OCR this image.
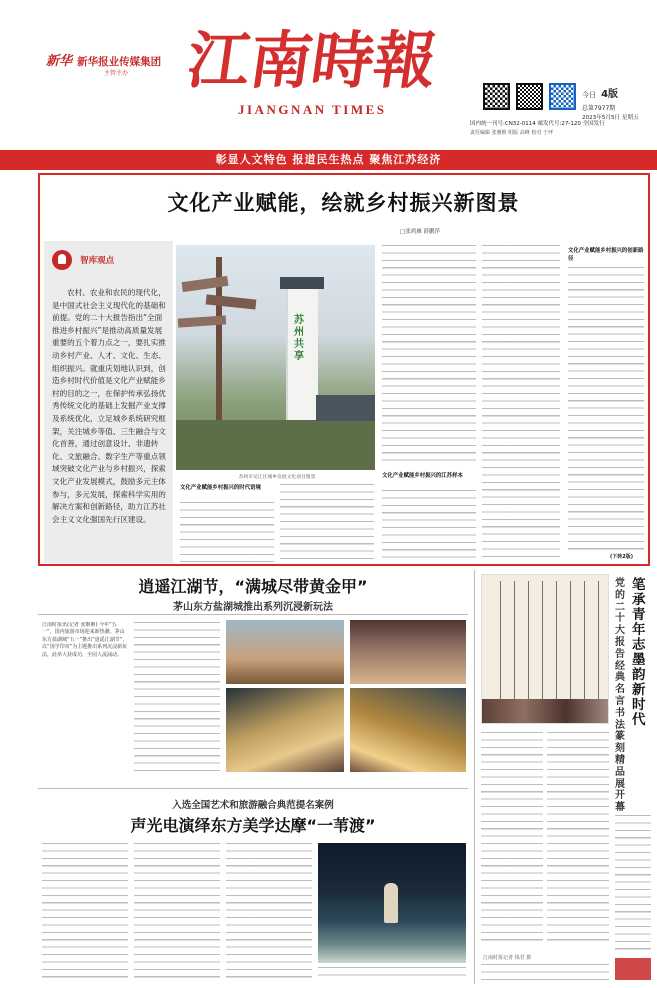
新华 新华报业传媒集团
主管主办 江南時報
JIANGNAN TIMES
今日 4版
总第7977期
2023年5月5日 星期五
国内统一刊号:CN32-0114 邮发代号:27-120 全国发行
责任编辑 张雅维 组版 高峰 校对 于坪
彰显人文特色 报道民生热点 聚焦江苏经济
文化产业赋能，绘就乡村振兴新图景
□张鸿雁 薛鹏萍
智库观点
农村、农业和农民的现代化，是中国式社会主义现代化的基础和前提。党的二十大报告指出“全面推进乡村振兴”是推动高质量发展重要的五个着力点之一，要扎实推动乡村产业、人才、文化、生态、组织振兴。就重庆划地认识到，创造乡村时代价值是文化产业赋能乡村的目的之一，在保护传承弘扬优秀传统文化的基础上发掘产业支撑及系统优化，立足城乡系统研究框架，关注城乡等值、三生融合与文化首善，通过创意设计、非遗转化、文旅融合、数字生产等重点领域突破文化产业与乡村振兴，探索文化产业发展模式，鼓励多元主体参与，多元发展，探索科学实用的解决方案和创新路径，助力江苏社会主义文化强国先行区建设。
苏州共享
苏州市吴江区城乡发展文化项目图景
文化产业赋能乡村振兴的时代语境
文化产业赋能乡村振兴的江苏样本
文化产业赋能乡村振兴的创新路径
(下转2版)
逍遥江湖节，“满城尽带黄金甲”
茅山东方盐湖城推出系列沉浸新玩法
江南时报讯(记者 张姬姬) 今年“五一”，国内旅游市场迎来新热潮。茅山东方盐湖城“五一”推出“逍遥江湖节”，以“国学印章”为主题推出系列沉浸新玩法，此举大获成功，全园人流涌动。
入选全国艺术和旅游融合典范提名案例
声光电演绎东方美学达摩“一苇渡”
笔承青年志 墨韵新时代
党的二十大报告经典名言书法篆刻精品展开幕
江南时报记者 钱君 摄
